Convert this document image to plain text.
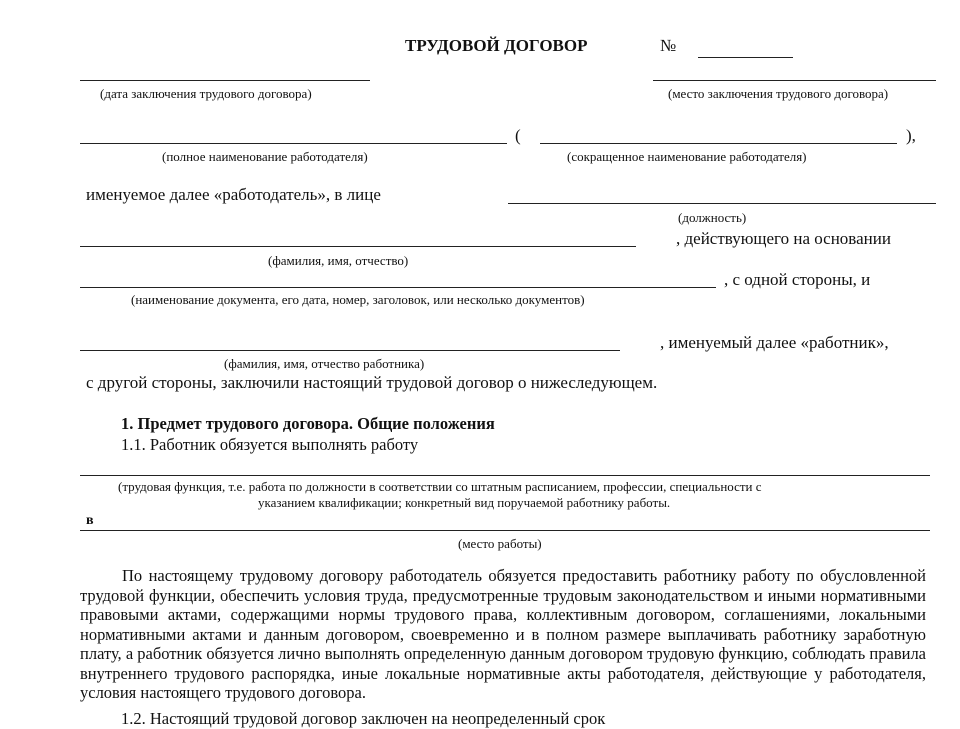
ТРУДОВОЙ ДОГОВОР	№
(дата заключения трудового договора)	(место заключения трудового договора)
(	),
(полное наименование работодателя)	(сокращенное наименование работодателя)
именуемое далее «работодатель», в лице
(должность)
, действующего на основании
(фамилия, имя, отчество)
, с одной стороны, и
(наименование документа, его дата, номер, заголовок, или несколько документов)
, именуемый далее «работник»,
(фамилия, имя, отчество работника)
с другой стороны, заключили настоящий трудовой договор о нижеследующем.
1. Предмет трудового договора. Общие положения
1.1. Работник обязуется выполнять работу
(трудовая функция, т.е. работа по должности в соответствии со штатным расписанием, профессии, специальности с
указанием квалификации; конкретный вид поручаемой работнику работы.
в
(место работы)

По настоящему трудовому договору работодатель обязуется предоставить работнику работу по обусловленной трудовой функции, обеспечить условия труда, предусмотренные трудовым законодательством и иными нормативными правовыми актами, содержащими нормы трудового права, коллективным договором, соглашениями, локальными нормативными актами и данным договором, своевременно и в полном размере выплачивать работнику заработную плату, а работник обязуется лично выполнять определенную данным договором трудовую функцию, соблюдать правила внутреннего трудового распорядка, иные локальные нормативные акты работодателя, действующие у работодателя, условия настоящего трудового договора.

1.2. Настоящий трудовой договор заключен на неопределенный срок
